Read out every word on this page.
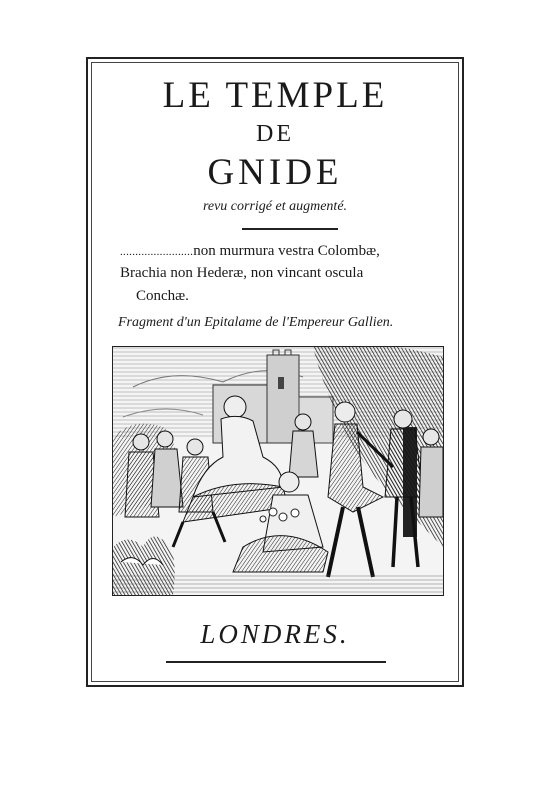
LE TEMPLE
DE
GNIDE
revu corrigé et augmenté.
........................non murmura vestra Colombæ,
Brachia non Hederæ, non vincant oscula
Conchæ.
Fragment d'un Epitalame de l'Empereur Gallien.
LONDRES.
